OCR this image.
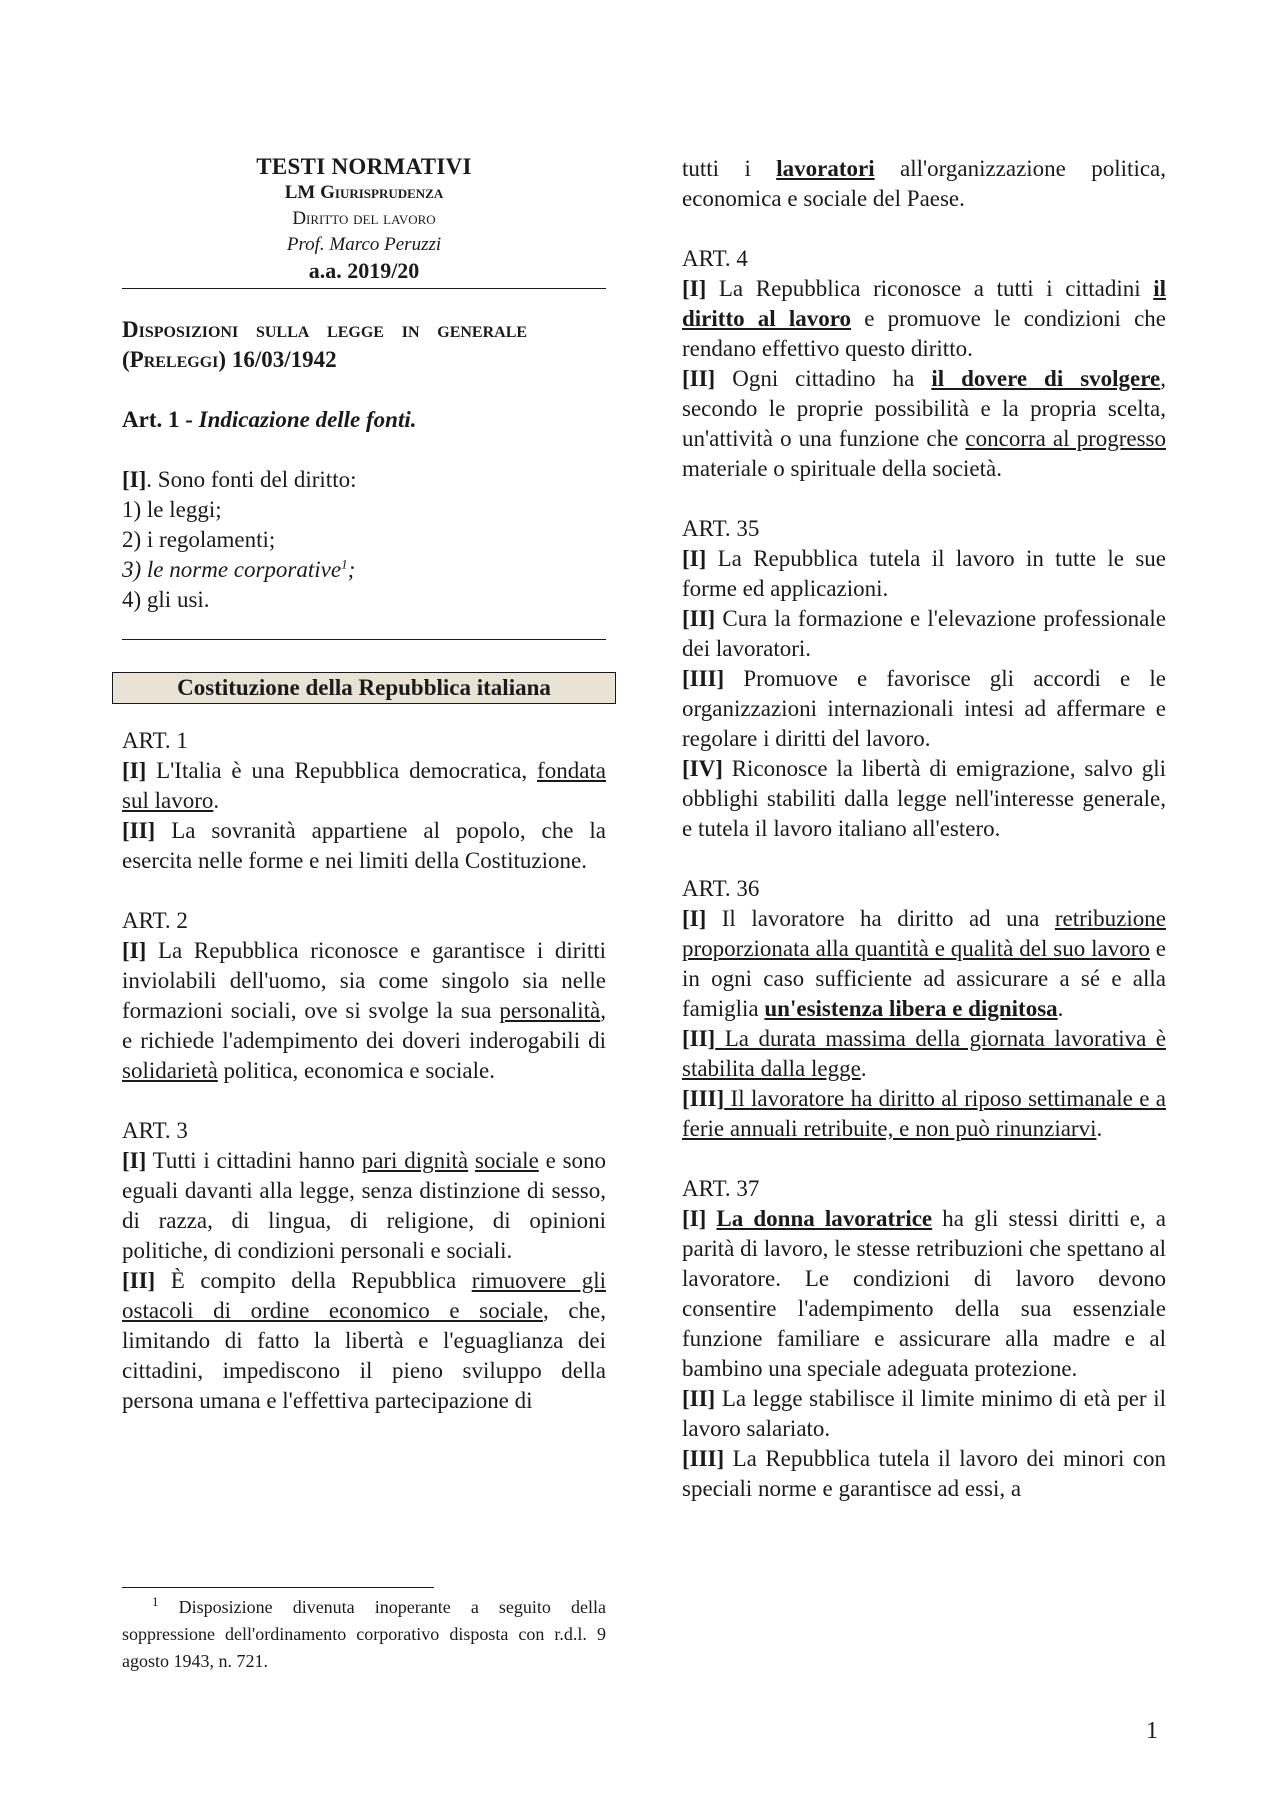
TESTI NORMATIVI
LM Giurisprudenza
Diritto del lavoro
Prof. Marco Peruzzi
a.a. 2019/20

Disposizioni sulla legge in generale
(Preleggi) 16/03/1942

Art. 1 - Indicazione delle fonti.

[I]. Sono fonti del diritto:

1) le leggi;

2) i regolamenti;

3) le norme corporative$^1$;

4) gli usi.

Costituzione della Repubblica italiana
ART. 1

[I] L'Italia è una Repubblica democratica, fondata sul lavoro.

[II] La sovranità appartiene al popolo, che la esercita nelle forme e nei limiti della Costituzione.

ART. 2

[I] La Repubblica riconosce e garantisce i diritti inviolabili dell'uomo, sia come singolo sia nelle formazioni sociali, ove si svolge la sua personalità, e richiede l'adempimento dei doveri inderogabili di solidarietà politica, economica e sociale.

ART. 3

[I] Tutti i cittadini hanno pari dignità sociale e sono eguali davanti alla legge, senza distinzione di sesso, di razza, di lingua, di religione, di opinioni politiche, di condizioni personali e sociali.

[II] È compito della Repubblica rimuovere gli ostacoli di ordine economico e sociale, che, limitando di fatto la libertà e l'eguaglianza dei cittadini, impediscono il pieno sviluppo della persona umana e l'effettiva partecipazione di

$^1$ Disposizione divenuta inoperante a seguito della soppressione dell'ordinamento corporativo disposta con r.d.l. 9 agosto 1943, n. 721.

tutti i lavoratori all'organizzazione politica, economica e sociale del Paese.

ART. 4

[I] La Repubblica riconosce a tutti i cittadini il diritto al lavoro e promuove le condizioni che rendano effettivo questo diritto.

[II] Ogni cittadino ha il dovere di svolgere, secondo le proprie possibilità e la propria scelta, un'attività o una funzione che concorra al progresso materiale o spirituale della società.

ART. 35

[I] La Repubblica tutela il lavoro in tutte le sue forme ed applicazioni.

[II] Cura la formazione e l'elevazione professionale dei lavoratori.

[III] Promuove e favorisce gli accordi e le organizzazioni internazionali intesi ad affermare e regolare i diritti del lavoro.

[IV] Riconosce la libertà di emigrazione, salvo gli obblighi stabiliti dalla legge nell'interesse generale, e tutela il lavoro italiano all'estero.

ART. 36

[I] Il lavoratore ha diritto ad una retribuzione proporzionata alla quantità e qualità del suo lavoro e in ogni caso sufficiente ad assicurare a sé e alla famiglia un'esistenza libera e dignitosa.

[II] La durata massima della giornata lavorativa è stabilita dalla legge.

[III] Il lavoratore ha diritto al riposo settimanale e a ferie annuali retribuite, e non può rinunziarvi.

ART. 37

[I] La donna lavoratrice ha gli stessi diritti e, a parità di lavoro, le stesse retribuzioni che spettano al lavoratore. Le condizioni di lavoro devono consentire l'adempimento della sua essenziale funzione familiare e assicurare alla madre e al bambino una speciale adeguata protezione.

[II] La legge stabilisce il limite minimo di età per il lavoro salariato.

[III] La Repubblica tutela il lavoro dei minori con speciali norme e garantisce ad essi, a

1
